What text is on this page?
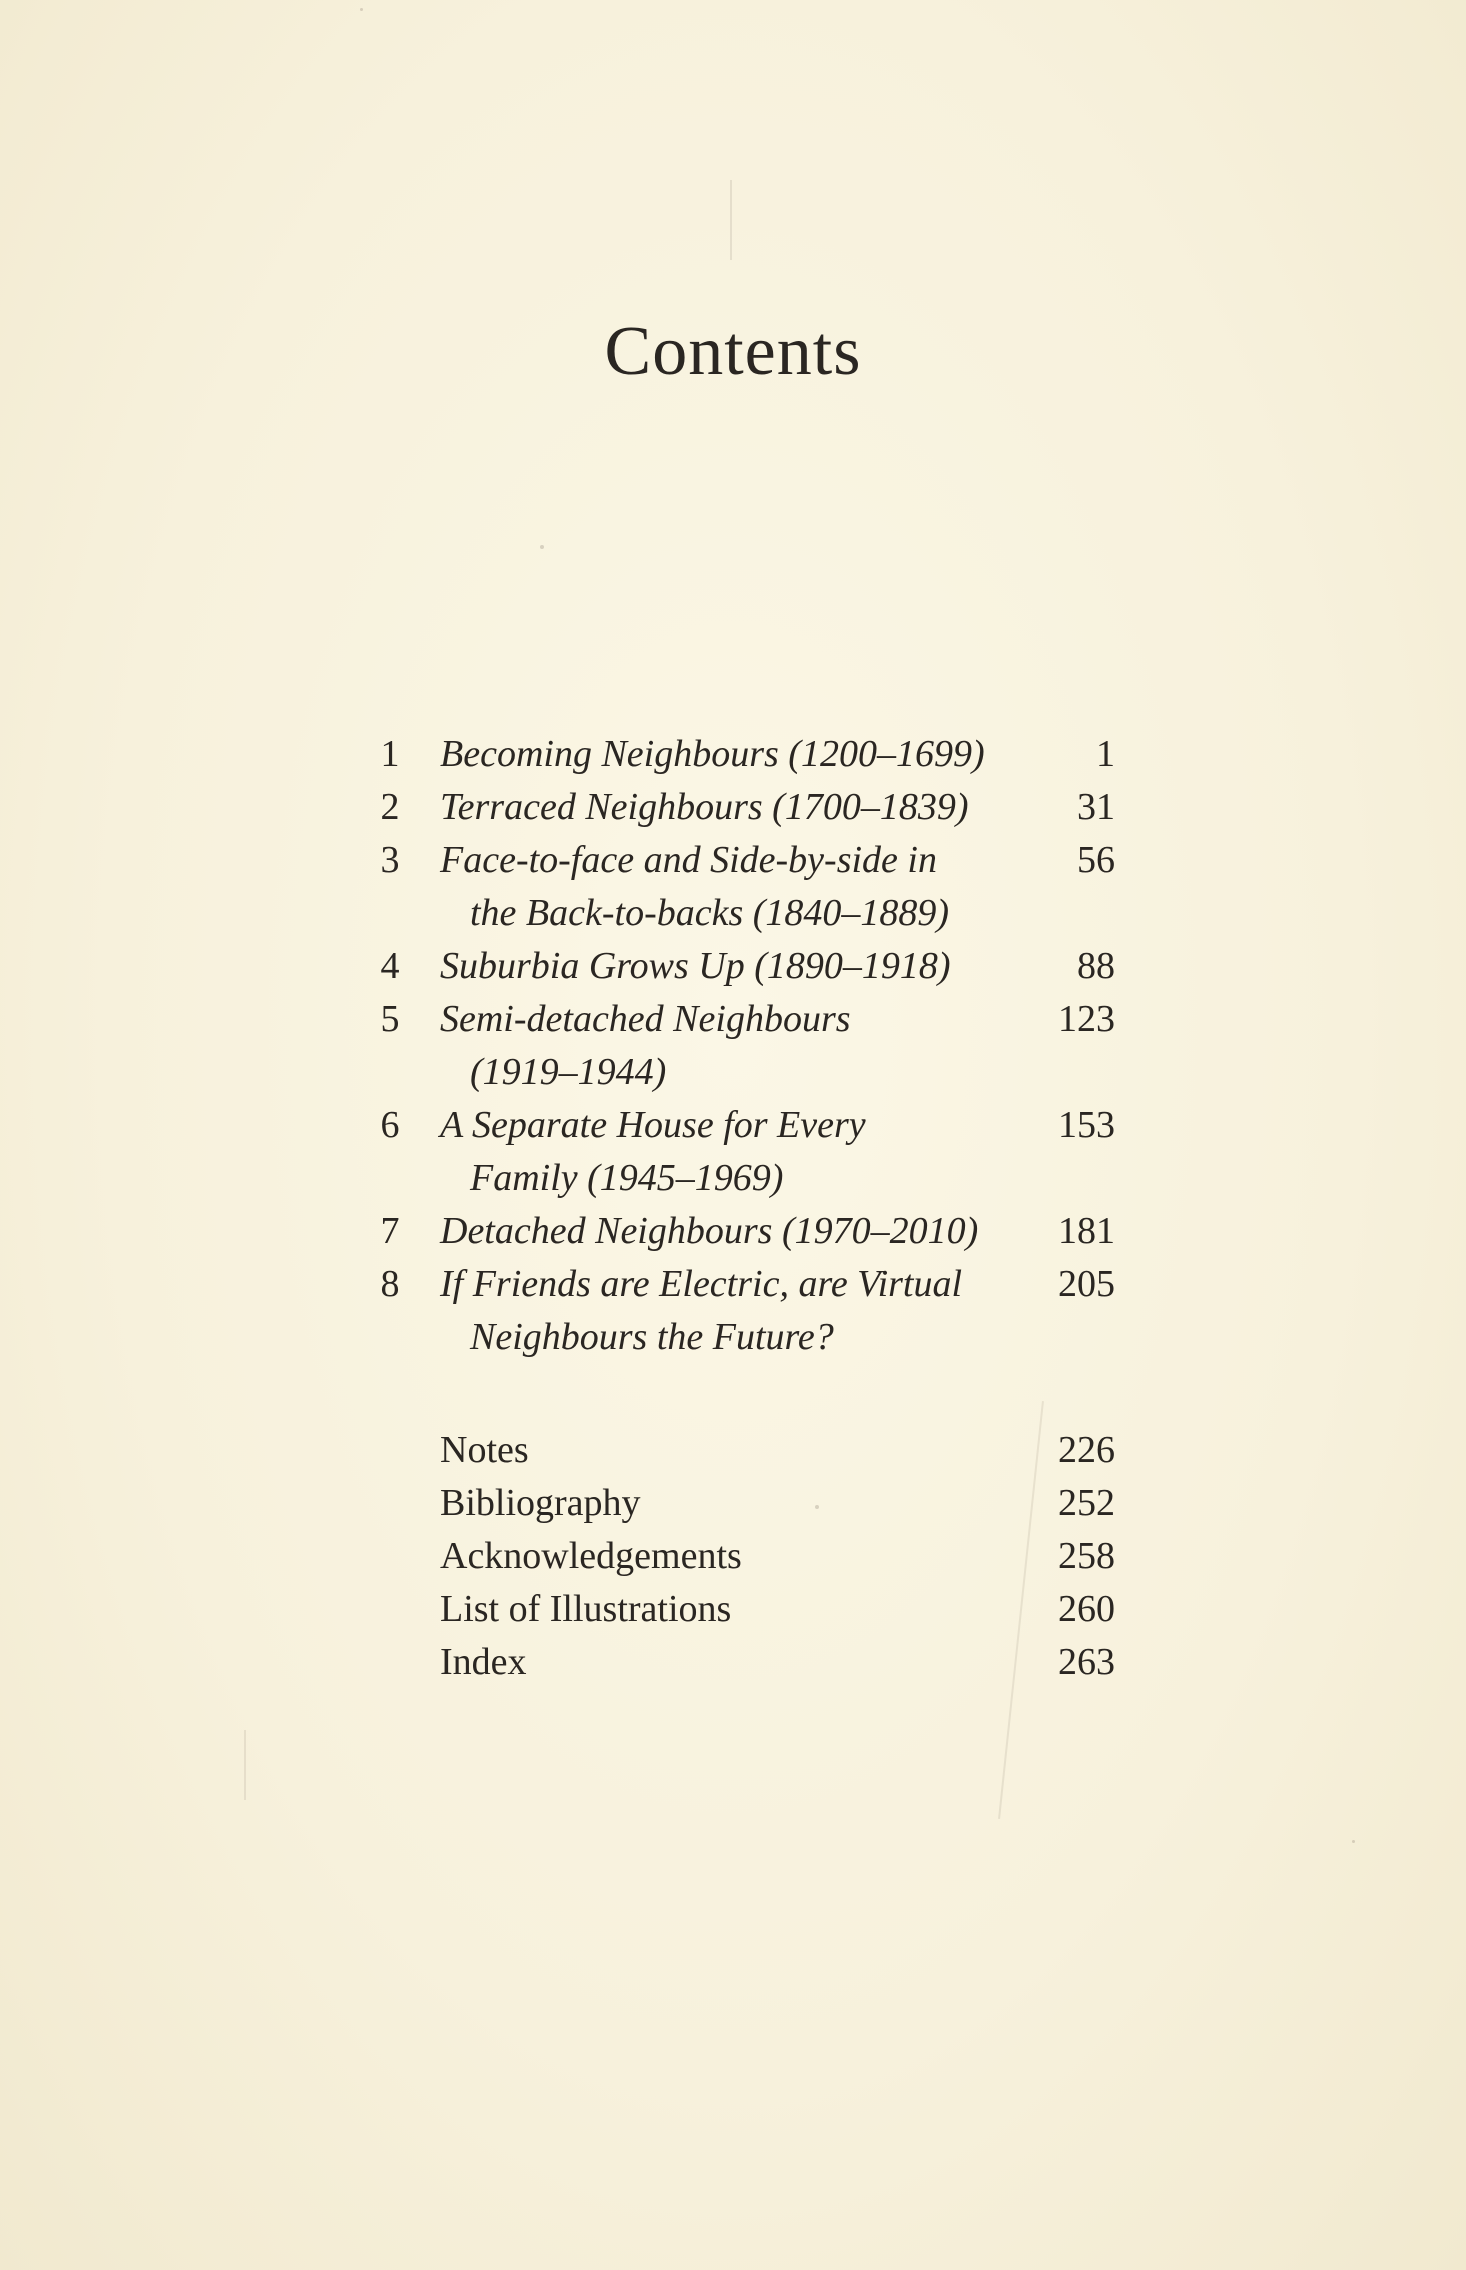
Contents
1 Becoming Neighbours (1200–1699)	1
2 Terraced Neighbours (1700–1839)	31
3 Face-to-face and Side-by-side in	56
the Back-to-backs (1840–1889)
4 Suburbia Grows Up (1890–1918)	88
5 Semi-detached Neighbours	123
(1919–1944)
6 A Separate House for Every	153
Family (1945–1969)
7 Detached Neighbours (1970–2010)	181
8 If Friends are Electric, are Virtual	205
Neighbours the Future?
Notes	226
Bibliography	252
Acknowledgements	258
List of Illustrations	260
Index	263
